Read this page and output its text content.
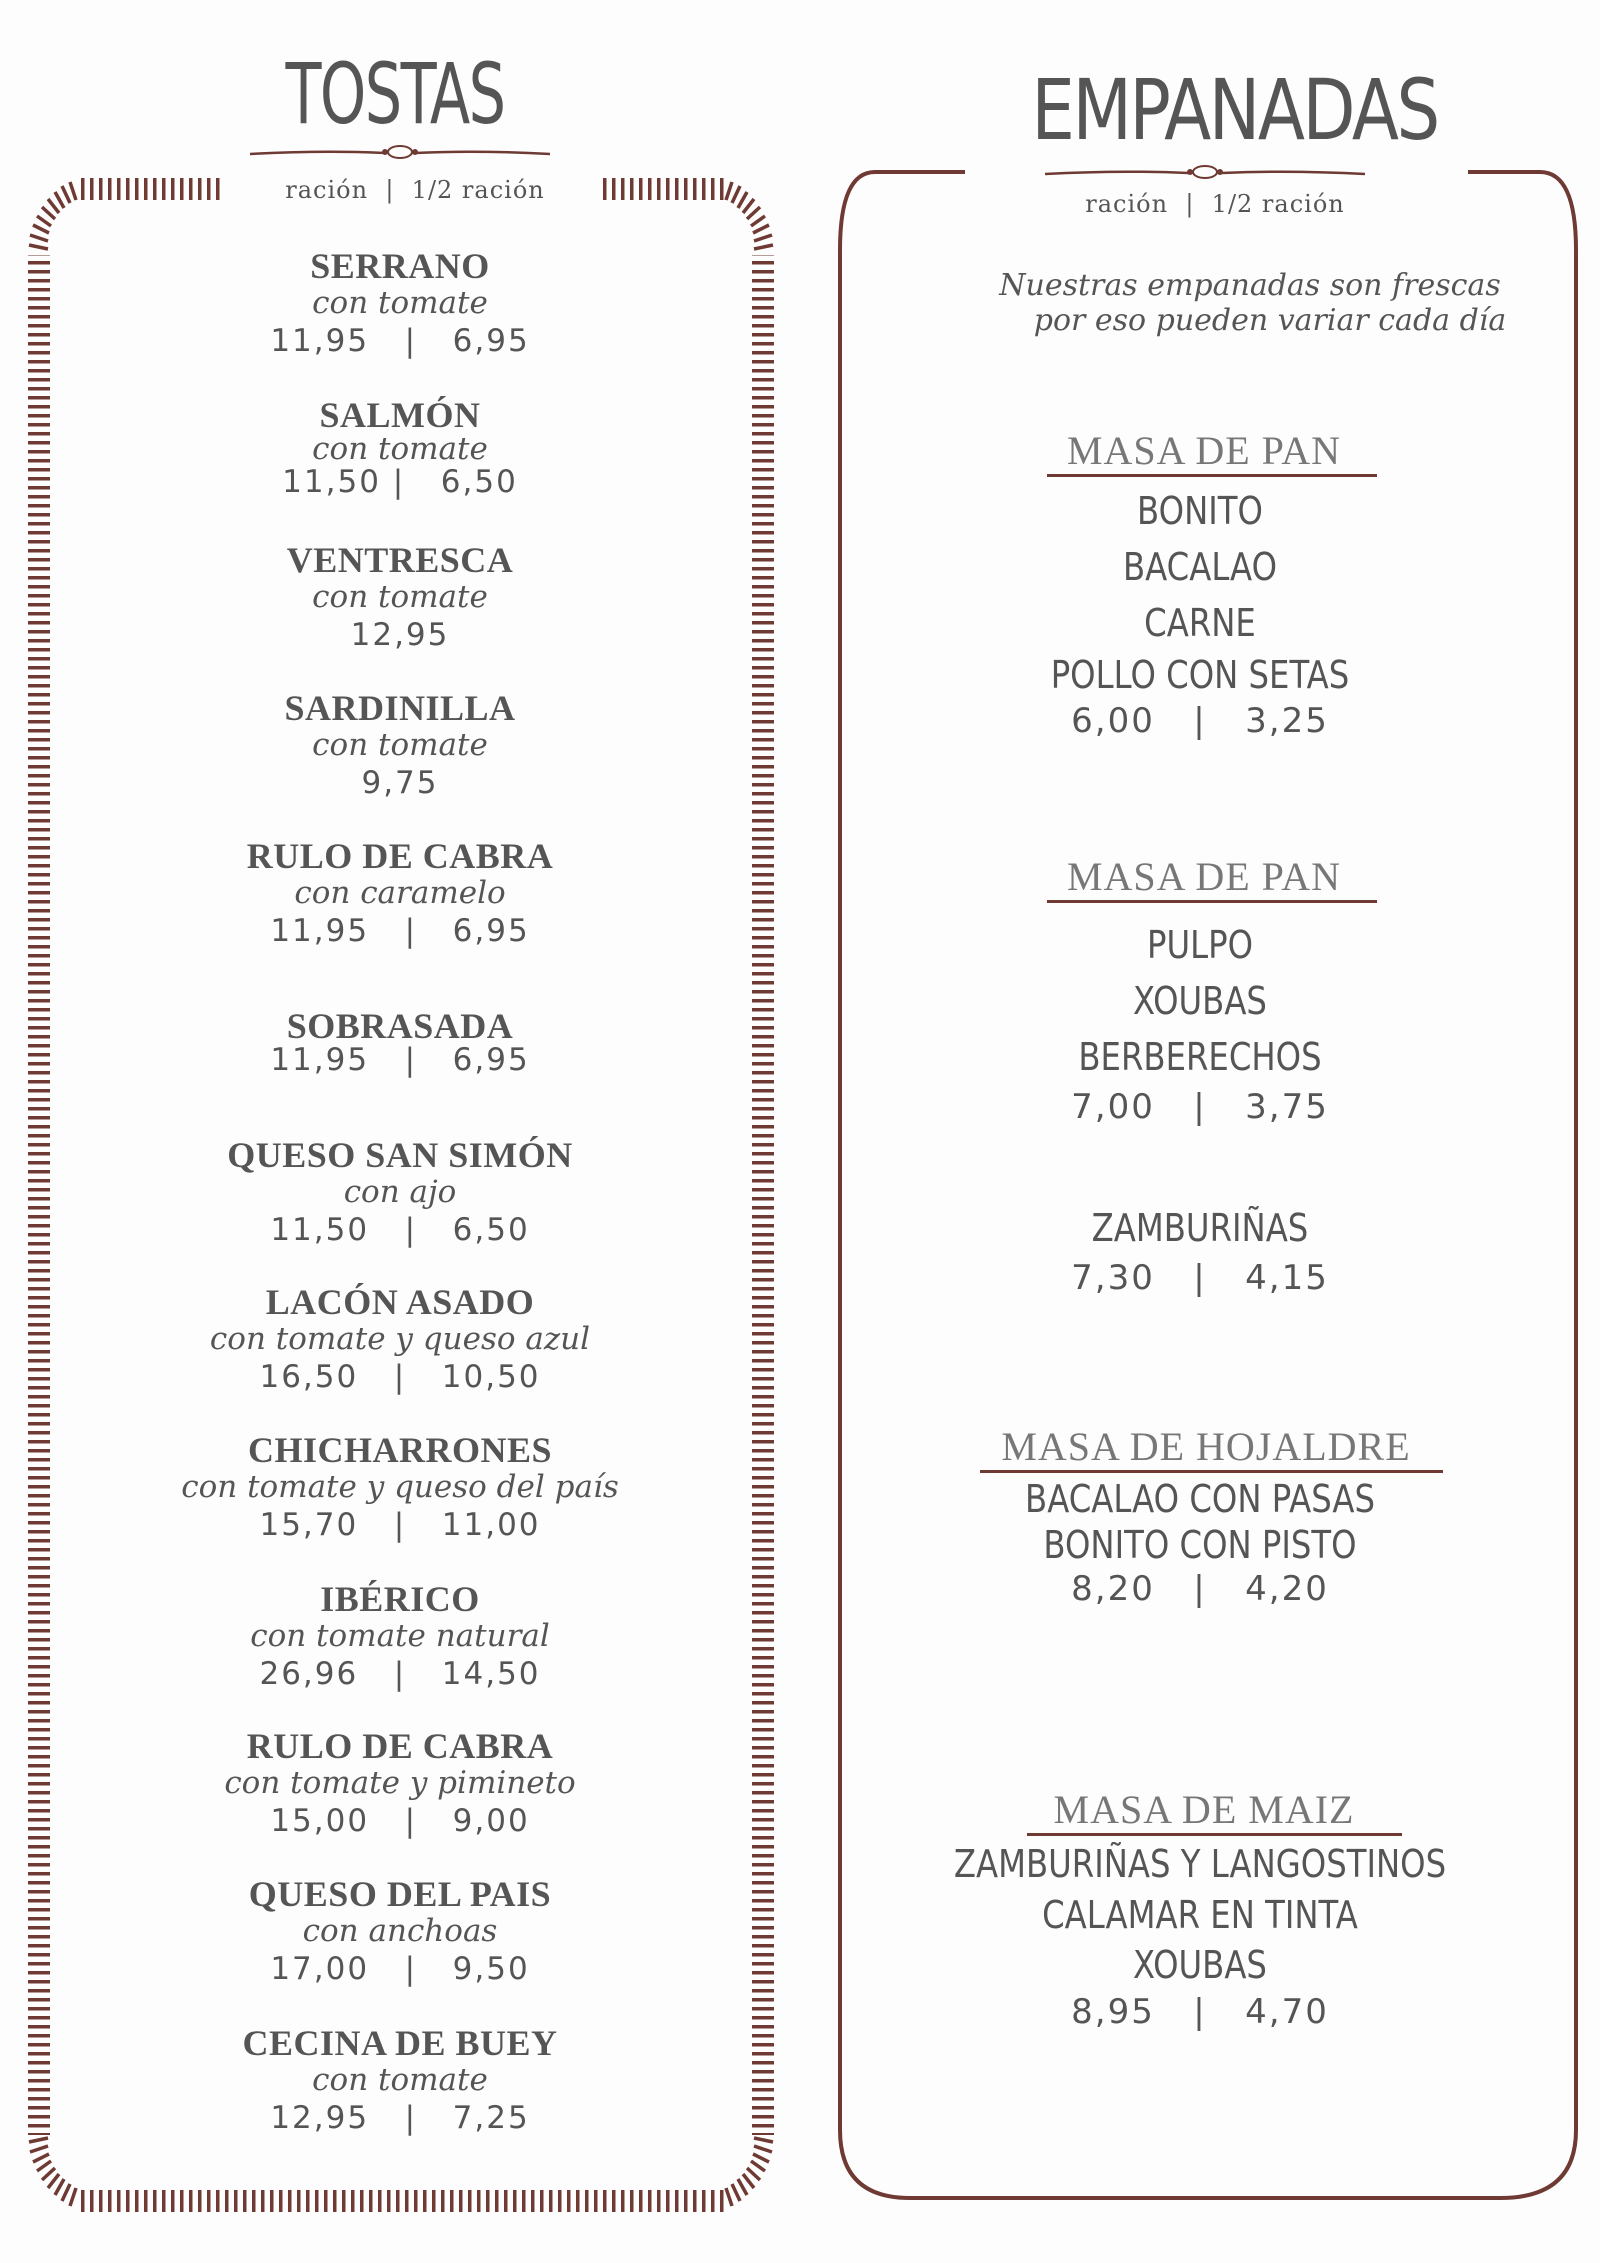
TOSTAS
ración  |  1/2 ración
SERRANO
con tomate
11,95   |   6,95
SALMÓN
con tomate
11,50 |   6,50
VENTRESCA
con tomate
12,95
SARDINILLA
con tomate
9,75
RULO DE CABRA
con caramelo
11,95   |   6,95
SOBRASADA
11,95   |   6,95
QUESO SAN SIMÓN
con ajo
11,50   |   6,50
LACÓN ASADO
con tomate y queso azul
16,50   |   10,50
CHICHARRONES
con tomate y queso del país
15,70   |   11,00
IBÉRICO
con tomate natural
26,96   |   14,50
RULO DE CABRA
con tomate y pimineto
15,00   |   9,00
QUESO DEL PAIS
con anchoas
17,00   |   9,50
CECINA DE BUEY
con tomate
12,95   |   7,25
EMPANADAS
ración  |  1/2 ración
Nuestras empanadas son frescas
por eso pueden variar cada día
MASA DE PAN
BONITO
BACALAO
CARNE
POLLO CON SETAS
6,00   |   3,25
MASA DE PAN
PULPO
XOUBAS
BERBERECHOS
7,00   |   3,75
ZAMBURIÑAS
7,30   |   4,15
MASA DE HOJALDRE
BACALAO CON PASAS
BONITO CON PISTO
8,20   |   4,20
MASA DE MAIZ
ZAMBURIÑAS Y LANGOSTINOS
CALAMAR EN TINTA
XOUBAS
8,95   |   4,70
